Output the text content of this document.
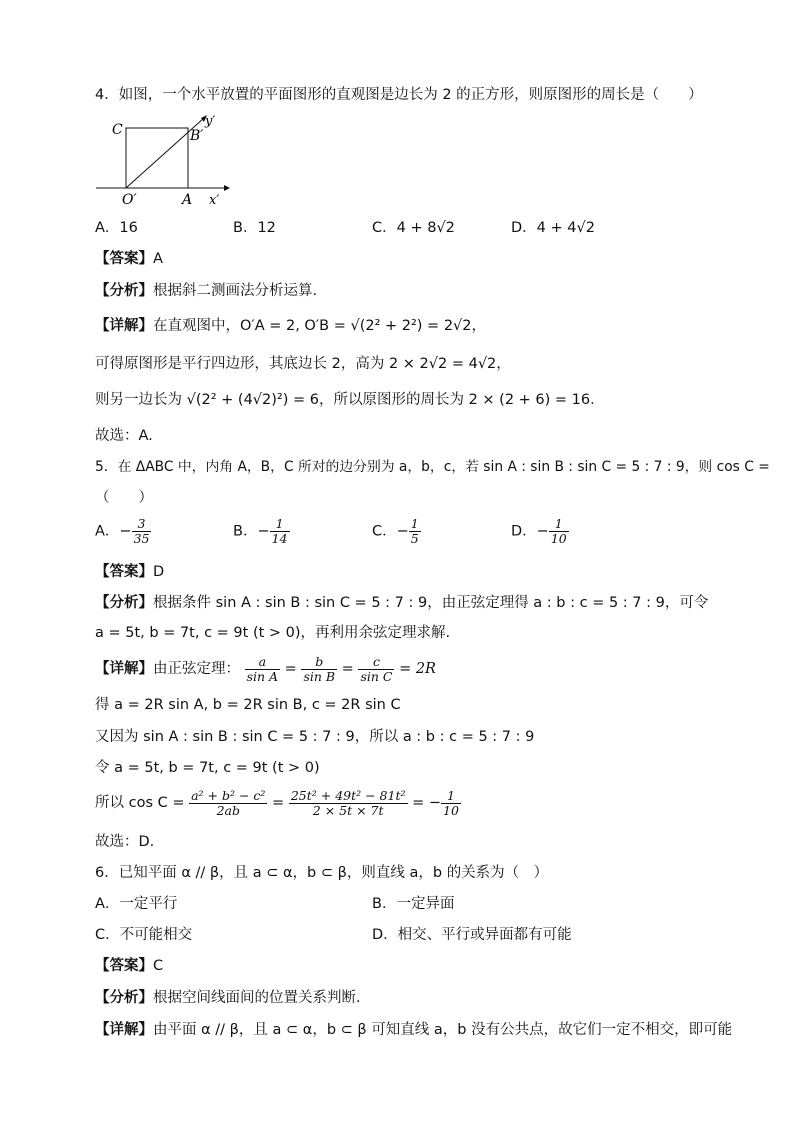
4．如图，一个水平放置的平面图形的直观图是边长为 2 的正方形，则原图形的周长是（　　）
C	B′
y′
O′	A x′
A．16	B．12	C．4 + 8√2	D．4 + 4√2
【答案】A
【分析】根据斜二测画法分析运算.
【详解】在直观图中，O′A = 2, O′B = √(2² + 2²) = 2√2，
可得原图形是平行四边形，其底边长 2，高为 2 × 2√2 = 4√2，
则另一边长为 √(2² + (4√2)²) = 6，所以原图形的周长为 2 × (2 + 6) = 16．
故选：A.
5．在 ΔABC 中，内角 A，B，C 所对的边分别为 a，b，c，若 sin A : sin B : sin C = 5 : 7 : 9，则 cos C =
（　　）
A．− $\frac{3}{35}$	B．− $\frac{1}{14}$	C．− $\frac{1}{5}$	D．− $\frac{1}{10}$
【答案】D
【分析】根据条件 sin A : sin B : sin C = 5 : 7 : 9，由正弦定理得 a : b : c = 5 : 7 : 9，可令
a = 5t, b = 7t, c = 9t (t > 0)，再利用余弦定理求解.
【详解】由正弦定理： $\frac{a}{\text{sin A}} = \frac{b}{\text{sin B}} = \frac{c}{\text{sin C}} = 2R$
得 a = 2R sin A, b = 2R sin B, c = 2R sin C
又因为 sin A : sin B : sin C = 5 : 7 : 9，所以 a : b : c = 5 : 7 : 9
令 a = 5t, b = 7t, c = 9t (t > 0)
所以 $\cos C = \frac{\text{a² + b² − c²}}{2ab} = \frac{\text{25t² + 49t² − 81t²}}{2 \times 5t \times 7t}$ = − $\frac{1}{10}$
故选：D.
6．已知平面 α // β，且 a ⊂ α，b ⊂ β，则直线 a，b 的关系为（　）
A．一定平行	B．一定异面
C．不可能相交	D．相交、平行或异面都有可能
【答案】C
【分析】根据空间线面间的位置关系判断．
【详解】由平面 α // β，且 a ⊂ α，b ⊂ β 可知直线 a，b 没有公共点，故它们一定不相交，即可能
